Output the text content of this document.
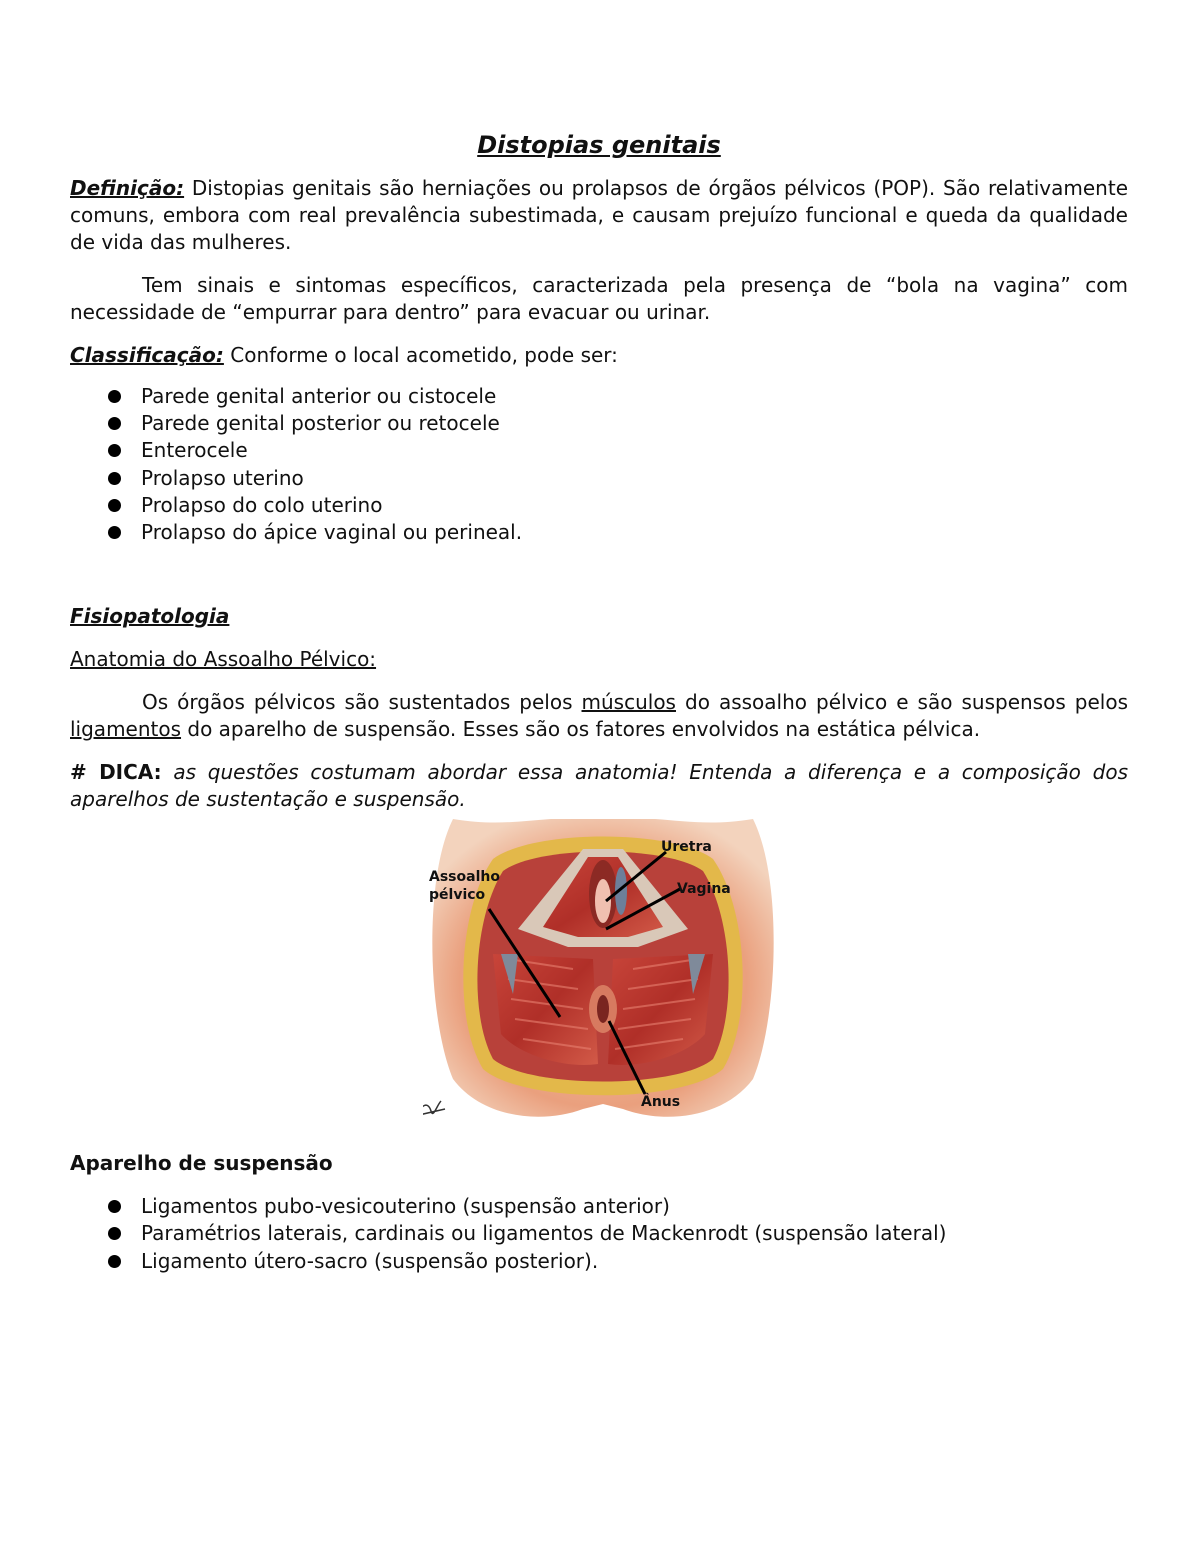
Distopias genitais

Definição: Distopias genitais são herniações ou prolapsos de órgãos pélvicos (POP). São relativamente comuns, embora com real prevalência subestimada, e causam prejuízo funcional e queda da qualidade de vida das mulheres.

Tem sinais e sintomas específicos, caracterizada pela presença de “bola na vagina” com necessidade de “empurrar para dentro” para evacuar ou urinar.

Classificação: Conforme o local acometido, pode ser:

Parede genital anterior ou cistocele
Parede genital posterior ou retocele
Enterocele
Prolapso uterino
Prolapso do colo uterino
Prolapso do ápice vaginal ou perineal.
Fisiopatologia
Anatomia do Assoalho Pélvico:

Os órgãos pélvicos são sustentados pelos músculos do assoalho pélvico e são suspensos pelos ligamentos do aparelho de suspensão. Esses são os fatores envolvidos na estática pélvica.

# DICA: as questões costumam abordar essa anatomia! Entenda a diferença e a composição dos aparelhos de sustentação e suspensão.

Assoalho
pélvico
Uretra
Vagina
Ânus
Aparelho de suspensão
Ligamentos pubo-vesicouterino (suspensão anterior)
Paramétrios laterais, cardinais ou ligamentos de Mackenrodt (suspensão lateral)
Ligamento útero-sacro (suspensão posterior).
